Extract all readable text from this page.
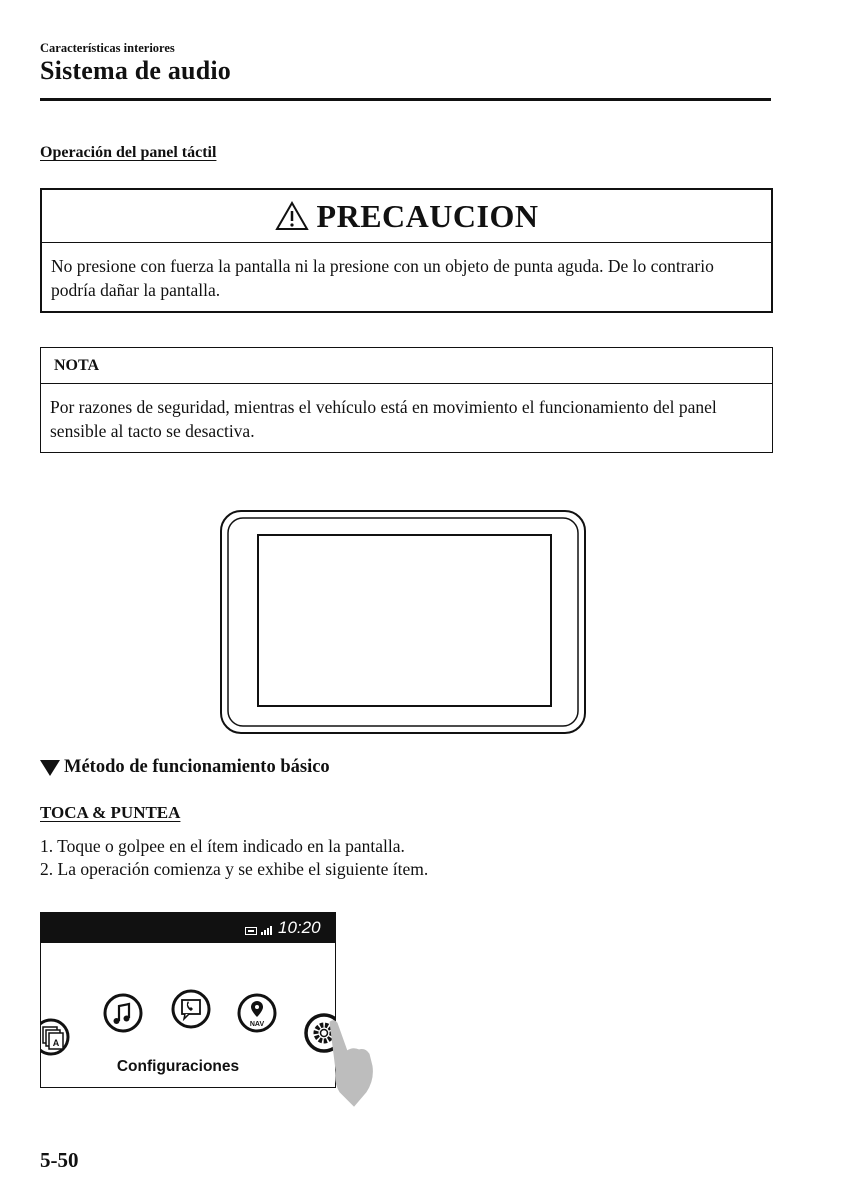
Características interiores
Sistema de audio
Operación del panel táctil
PRECAUCION
No presione con fuerza la pantalla ni la presione con un objeto de punta aguda. De lo contrario podría dañar la pantalla.
NOTA
Por razones de seguridad, mientras el vehículo está en movimiento el funcionamiento del panel sensible al tacto se desactiva.
Método de funcionamiento básico
TOCA & PUNTEA
1. Toque o golpee en el ítem indicado en la pantalla.
2. La operación comienza y se exhibe el siguiente ítem.
10:20
A
NAV
Configuraciones
5-50
